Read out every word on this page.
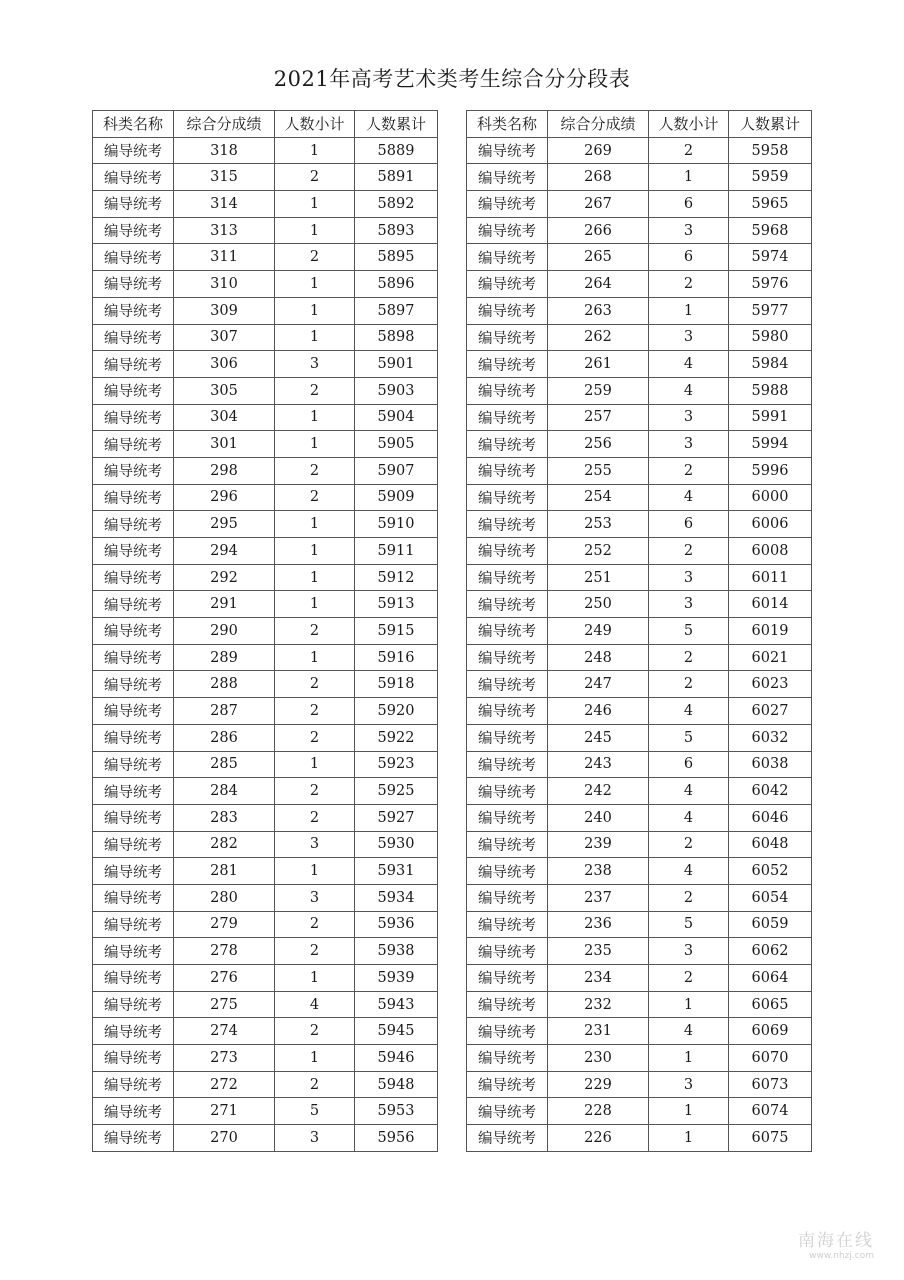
2021年高考艺术类考生综合分分段表
科类名称	综合分成绩	人数小计	人数累计
编导统考	318	1	5889
编导统考	315	2	5891
编导统考	314	1	5892
编导统考	313	1	5893
编导统考	311	2	5895
编导统考	310	1	5896
编导统考	309	1	5897
编导统考	307	1	5898
编导统考	306	3	5901
编导统考	305	2	5903
编导统考	304	1	5904
编导统考	301	1	5905
编导统考	298	2	5907
编导统考	296	2	5909
编导统考	295	1	5910
编导统考	294	1	5911
编导统考	292	1	5912
编导统考	291	1	5913
编导统考	290	2	5915
编导统考	289	1	5916
编导统考	288	2	5918
编导统考	287	2	5920
编导统考	286	2	5922
编导统考	285	1	5923
编导统考	284	2	5925
编导统考	283	2	5927
编导统考	282	3	5930
编导统考	281	1	5931
编导统考	280	3	5934
编导统考	279	2	5936
编导统考	278	2	5938
编导统考	276	1	5939
编导统考	275	4	5943
编导统考	274	2	5945
编导统考	273	1	5946
编导统考	272	2	5948
编导统考	271	5	5953
编导统考	270	3	5956
科类名称	综合分成绩	人数小计	人数累计
编导统考	269	2	5958
编导统考	268	1	5959
编导统考	267	6	5965
编导统考	266	3	5968
编导统考	265	6	5974
编导统考	264	2	5976
编导统考	263	1	5977
编导统考	262	3	5980
编导统考	261	4	5984
编导统考	259	4	5988
编导统考	257	3	5991
编导统考	256	3	5994
编导统考	255	2	5996
编导统考	254	4	6000
编导统考	253	6	6006
编导统考	252	2	6008
编导统考	251	3	6011
编导统考	250	3	6014
编导统考	249	5	6019
编导统考	248	2	6021
编导统考	247	2	6023
编导统考	246	4	6027
编导统考	245	5	6032
编导统考	243	6	6038
编导统考	242	4	6042
编导统考	240	4	6046
编导统考	239	2	6048
编导统考	238	4	6052
编导统考	237	2	6054
编导统考	236	5	6059
编导统考	235	3	6062
编导统考	234	2	6064
编导统考	232	1	6065
编导统考	231	4	6069
编导统考	230	1	6070
编导统考	229	3	6073
编导统考	228	1	6074
编导统考	226	1	6075
南海在线
www.nhzj.com
